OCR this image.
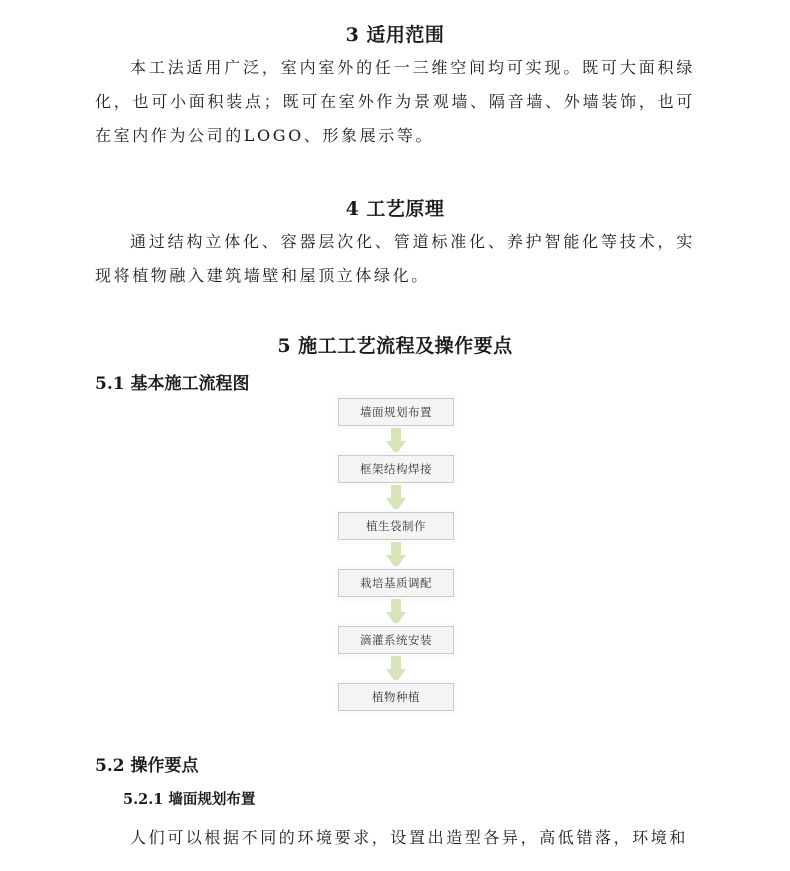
3 适用范围
本工法适用广泛，室内室外的任一三维空间均可实现。既可大面积绿化，也可小面积装点；既可在室外作为景观墙、隔音墙、外墙装饰，也可在室内作为公司的LOGO、形象展示等。
4 工艺原理
通过结构立体化、容器层次化、管道标准化、养护智能化等技术，实现将植物融入建筑墙壁和屋顶立体绿化。
5 施工工艺流程及操作要点
5.1 基本施工流程图
墙面规划布置
框架结构焊接
植生袋制作
栽培基质调配
滴灌系统安装
植物种植
5.2 操作要点
5.2.1 墙面规划布置
人们可以根据不同的环境要求，设置出造型各异，高低错落，环境和
